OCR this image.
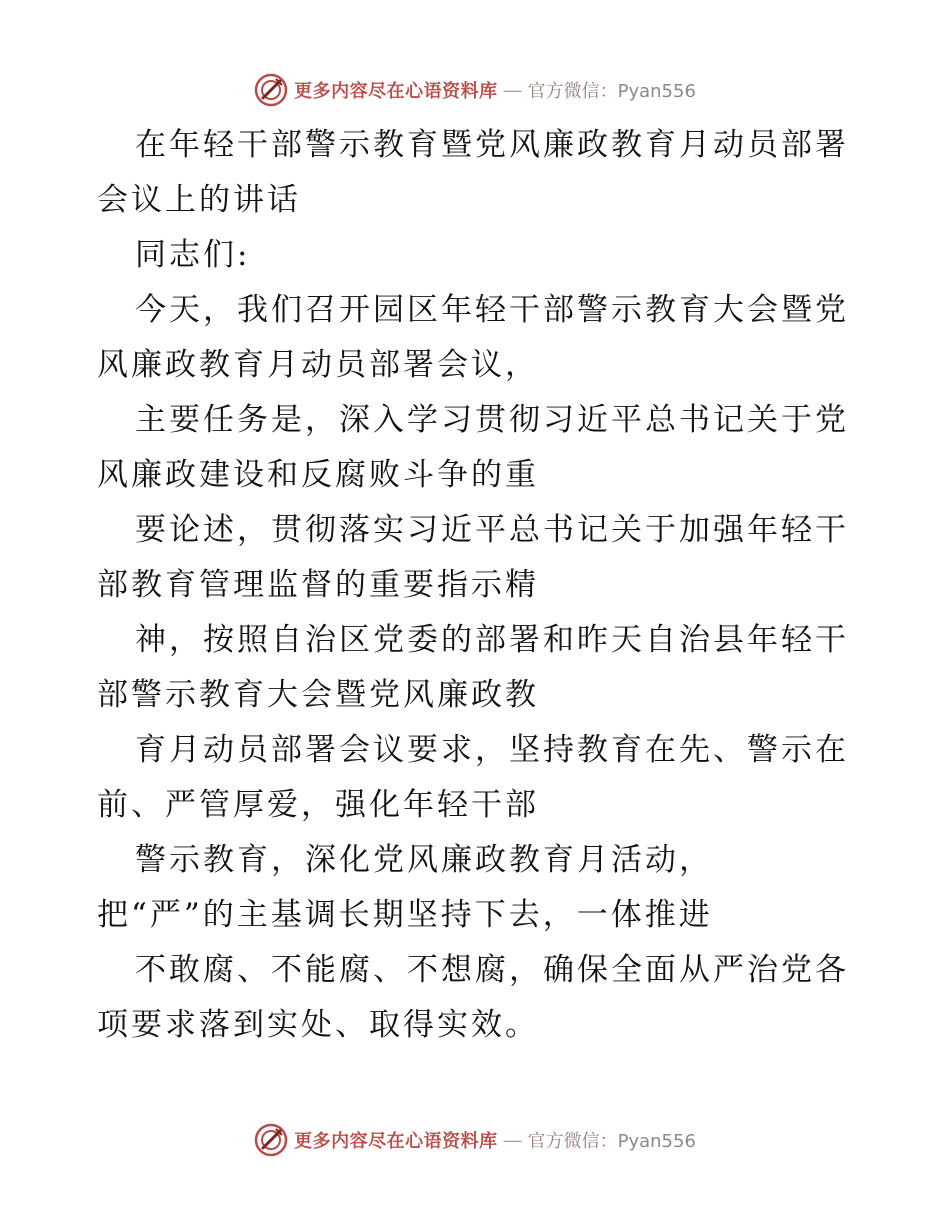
更多内容尽在心语资料库 — 官方微信：Pyan556
在年轻干部警示教育暨党风廉政教育月动员部署
会议上的讲话
同志们:
今天，我们召开园区年轻干部警示教育大会暨党
风廉政教育月动员部署会议，
主要任务是，深入学习贯彻习近平总书记关于党
风廉政建设和反腐败斗争的重
要论述，贯彻落实习近平总书记关于加强年轻干
部教育管理监督的重要指示精
神，按照自治区党委的部署和昨天自治县年轻干
部警示教育大会暨党风廉政教
育月动员部署会议要求，坚持教育在先、警示在
前、严管厚爱，强化年轻干部
警示教育，深化党风廉政教育月活动，
把“严”的主基调长期坚持下去，一体推进
不敢腐、不能腐、不想腐，确保全面从严治党各
项要求落到实处、取得实效。
更多内容尽在心语资料库 — 官方微信：Pyan556
